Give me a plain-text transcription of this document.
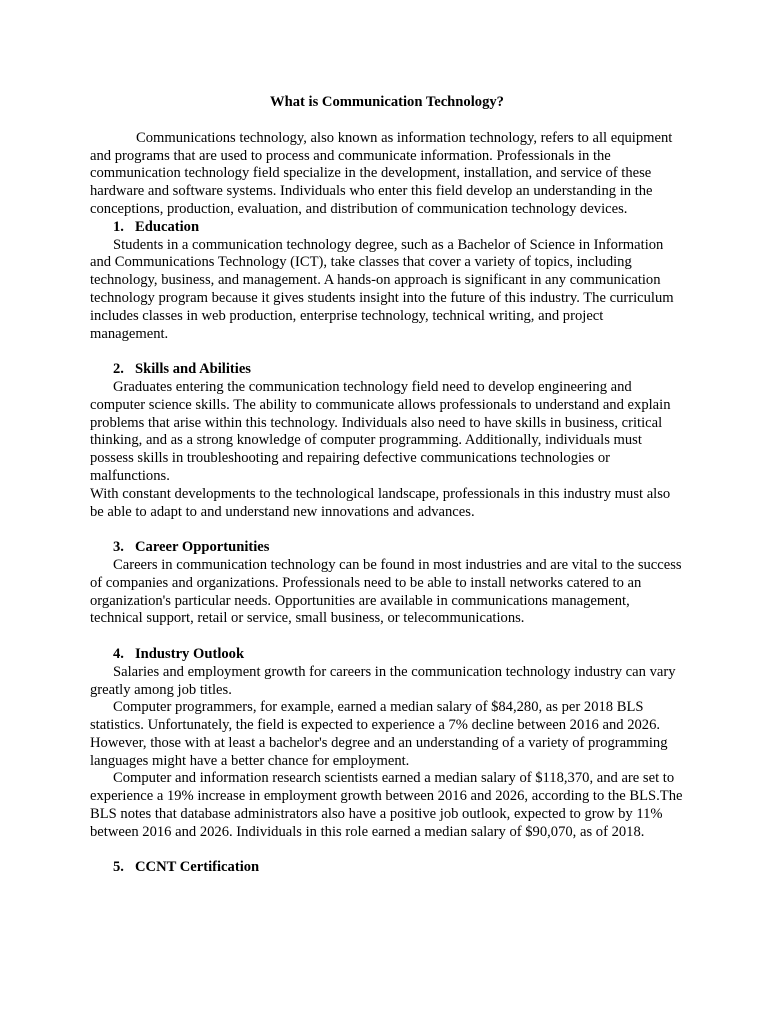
What is Communication Technology?

Communications technology, also known as information technology, refers to all equipment and programs that are used to process and communicate information. Professionals in the communication technology field specialize in the development, installation, and service of these hardware and software systems. Individuals who enter this field develop an understanding in the conceptions, production, evaluation, and distribution of communication technology devices.

1. Education

Students in a communication technology degree, such as a Bachelor of Science in Information and Communications Technology (ICT), take classes that cover a variety of topics, including technology, business, and management. A hands-on approach is significant in any communication technology program because it gives students insight into the future of this industry. The curriculum includes classes in web production, enterprise technology, technical writing, and project management.

2. Skills and Abilities

Graduates entering the communication technology field need to develop engineering and computer science skills. The ability to communicate allows professionals to understand and explain problems that arise within this technology. Individuals also need to have skills in business, critical thinking, and as a strong knowledge of computer programming. Additionally, individuals must possess skills in troubleshooting and repairing defective communications technologies or malfunctions.

With constant developments to the technological landscape, professionals in this industry must also be able to adapt to and understand new innovations and advances.

3. Career Opportunities

Careers in communication technology can be found in most industries and are vital to the success of companies and organizations. Professionals need to be able to install networks catered to an organization's particular needs. Opportunities are available in communications management, technical support, retail or service, small business, or telecommunications.

4. Industry Outlook

Salaries and employment growth for careers in the communication technology industry can vary greatly among job titles.

Computer programmers, for example, earned a median salary of $84,280, as per 2018 BLS statistics. Unfortunately, the field is expected to experience a 7% decline between 2016 and 2026. However, those with at least a bachelor's degree and an understanding of a variety of programming languages might have a better chance for employment.

Computer and information research scientists earned a median salary of $118,370, and are set to experience a 19% increase in employment growth between 2016 and 2026, according to the BLS.The BLS notes that database administrators also have a positive job outlook, expected to grow by 11% between 2016 and 2026. Individuals in this role earned a median salary of $90,070, as of 2018.

5. CCNT Certification
